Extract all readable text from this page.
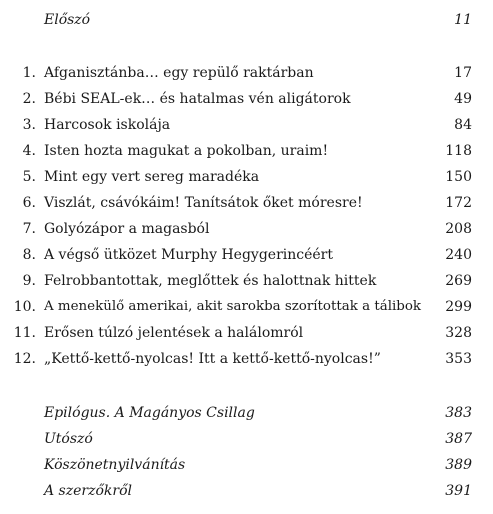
Előszó	11
1. Afganisztánba… egy repülő raktárban	17
2. Bébi SEAL-ek… és hatalmas vén aligátorok	49
3. Harcosok iskolája	84
4. Isten hozta magukat a pokolban, uraim!	118
5. Mint egy vert sereg maradéka	150
6. Viszlát, csávókáim! Tanítsátok őket móresre!	172
7. Golyózápor a magasból	208
8. A végső ütközet Murphy Hegygerincéért	240
9. Felrobbantottak, meglőttek és halottnak hittek	269
10. A menekülő amerikai, akit sarokba szorítottak a tálibok 299
11. Erősen túlzó jelentések a halálomról	328
12. „Kettő-kettő-nyolcas! Itt a kettő-kettő-nyolcas!”	353
Epilógus. A Magányos Csillag	383
Utószó	387
Köszönetnyilvánítás	389
A szerzőkről	391
